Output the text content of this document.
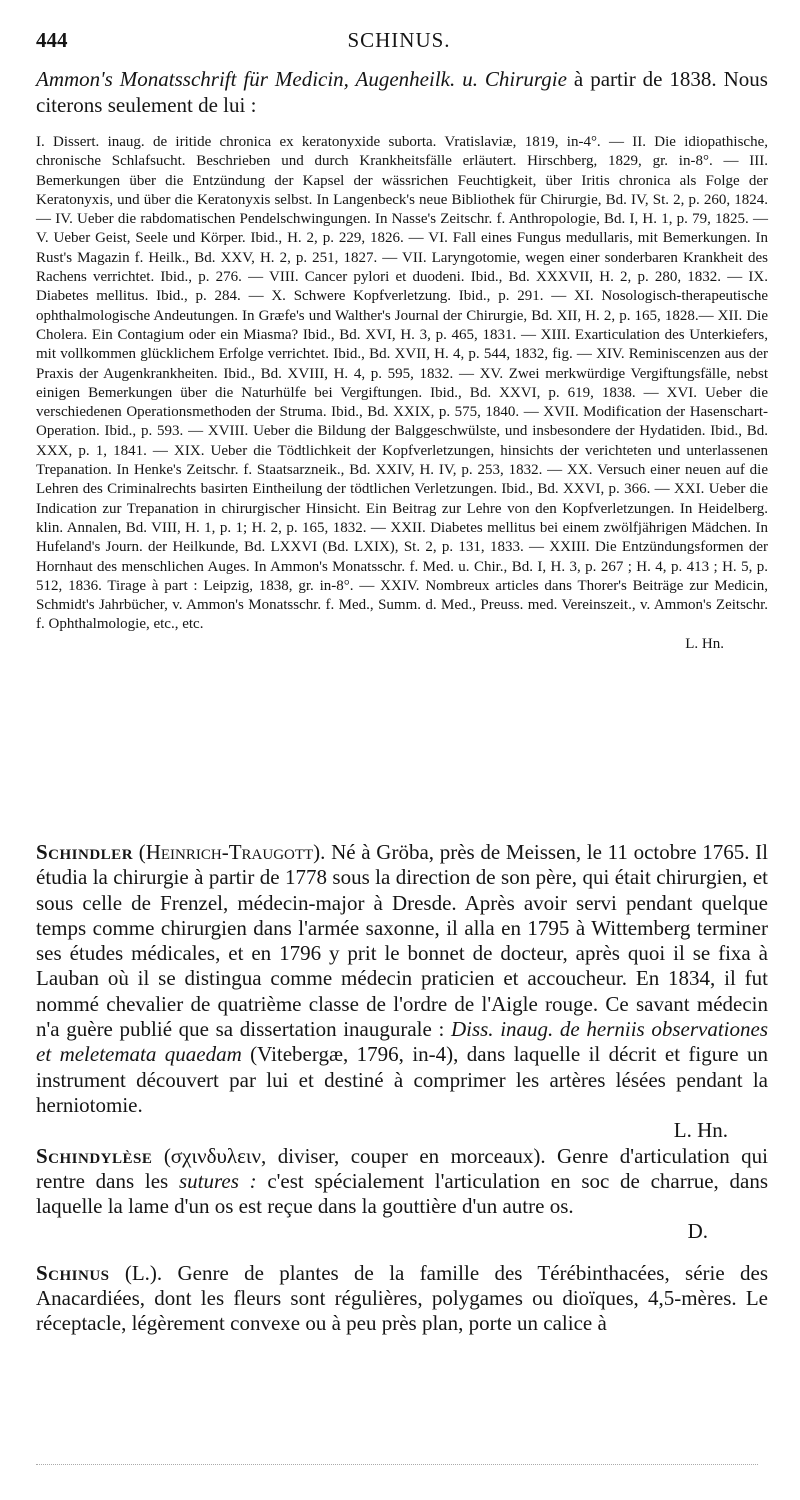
444	SCHINUS.

Ammon's Monatsschrift für Medicin, Augenheilk. u. Chirurgie à partir de 1838. Nous citerons seulement de lui :

I. Dissert. inaug. de iritide chronica ex keratonyxide suborta. Vratislaviæ, 1819, in-4°. — II. Die idiopathische, chronische Schlafsucht. Beschrieben und durch Krankheitsfälle erläutert. Hirschberg, 1829, gr. in-8°. — III. Bemerkungen über die Entzündung der Kapsel der wässrichen Feuchtigkeit, über Iritis chronica als Folge der Keratonyxis, und über die Keratonyxis selbst. In Langenbeck's neue Bibliothek für Chirurgie, Bd. IV, St. 2, p. 260, 1824. — IV. Ueber die rabdomatischen Pendelschwingungen. In Nasse's Zeitschr. f. Anthropologie, Bd. I, H. 1, p. 79, 1825. — V. Ueber Geist, Seele und Körper. Ibid., H. 2, p. 229, 1826. — VI. Fall eines Fungus medullaris, mit Bemerkungen. In Rust's Magazin f. Heilk., Bd. XXV, H. 2, p. 251, 1827. — VII. Laryngotomie, wegen einer sonderbaren Krankheit des Rachens verrichtet. Ibid., p. 276. — VIII. Cancer pylori et duodeni. Ibid., Bd. XXXVII, H. 2, p. 280, 1832. — IX. Diabetes mellitus. Ibid., p. 284. — X. Schwere Kopfverletzung. Ibid., p. 291. — XI. Nosologisch-therapeutische ophthalmologische Andeutungen. In Græfe's und Walther's Journal der Chirurgie, Bd. XII, H. 2, p. 165, 1828.— XII. Die Cholera. Ein Contagium oder ein Miasma? Ibid., Bd. XVI, H. 3, p. 465, 1831. — XIII. Exarticulation des Unterkiefers, mit vollkommen glücklichem Erfolge verrichtet. Ibid., Bd. XVII, H. 4, p. 544, 1832, fig. — XIV. Reminiscenzen aus der Praxis der Augenkrankheiten. Ibid., Bd. XVIII, H. 4, p. 595, 1832. — XV. Zwei merkwürdige Vergiftungsfälle, nebst einigen Bemerkungen über die Naturhülfe bei Vergiftungen. Ibid., Bd. XXVI, p. 619, 1838. — XVI. Ueber die verschiedenen Operationsmethoden der Struma. Ibid., Bd. XXIX, p. 575, 1840. — XVII. Modification der Hasenschart-Operation. Ibid., p. 593. — XVIII. Ueber die Bildung der Balggeschwülste, und insbesondere der Hydatiden. Ibid., Bd. XXX, p. 1, 1841. — XIX. Ueber die Tödtlichkeit der Kopfverletzungen, hinsichts der verichteten und unterlassenen Trepanation. In Henke's Zeitschr. f. Staatsarzneik., Bd. XXIV, H. IV, p. 253, 1832. — XX. Versuch einer neuen auf die Lehren des Criminalrechts basirten Eintheilung der tödtlichen Verletzungen. Ibid., Bd. XXVI, p. 366. — XXI. Ueber die Indication zur Trepanation in chirurgischer Hinsicht. Ein Beitrag zur Lehre von den Kopfverletzungen. In Heidelberg. klin. Annalen, Bd. VIII, H. 1, p. 1; H. 2, p. 165, 1832. — XXII. Diabetes mellitus bei einem zwölfjährigen Mädchen. In Hufeland's Journ. der Heilkunde, Bd. LXXVI (Bd. LXIX), St. 2, p. 131, 1833. — XXIII. Die Entzündungsformen der Hornhaut des menschlichen Auges. In Ammon's Monatsschr. f. Med. u. Chir., Bd. I, H. 3, p. 267 ; H. 4, p. 413 ; H. 5, p. 512, 1836. Tirage à part : Leipzig, 1838, gr. in-8°. — XXIV. Nombreux articles dans Thorer's Beiträge zur Medicin, Schmidt's Jahrbücher, v. Ammon's Monatsschr. f. Med., Summ. d. Med., Preuss. med. Vereinszeit., v. Ammon's Zeitschr. f. Ophthalmologie, etc., etc.

L. Hn.

Schindler (Heinrich-Traugott). Né à Gröba, près de Meissen, le 11 octobre 1765. Il étudia la chirurgie à partir de 1778 sous la direction de son père, qui était chirurgien, et sous celle de Frenzel, médecin-major à Dresde. Après avoir servi pendant quelque temps comme chirurgien dans l'armée saxonne, il alla en 1795 à Wittemberg terminer ses études médicales, et en 1796 y prit le bonnet de docteur, après quoi il se fixa à Lauban où il se distingua comme médecin praticien et accoucheur. En 1834, il fut nommé chevalier de quatrième classe de l'ordre de l'Aigle rouge. Ce savant médecin n'a guère publié que sa dissertation inaugurale : Diss. inaug. de herniis observationes et meletemata quaedam (Vitebergæ, 1796, in-4), dans laquelle il décrit et figure un instrument découvert par lui et destiné à comprimer les artères lésées pendant la herniotomie.

L. Hn.

Schindylèse (σχινδυλειν, diviser, couper en morceaux). Genre d'articulation qui rentre dans les sutures : c'est spécialement l'articulation en soc de charrue, dans laquelle la lame d'un os est reçue dans la gouttière d'un autre os.

D.

Schinus (L.). Genre de plantes de la famille des Térébinthacées, série des Anacardiées, dont les fleurs sont régulières, polygames ou dioïques, 4,5-mères. Le réceptacle, légèrement convexe ou à peu près plan, porte un calice à
